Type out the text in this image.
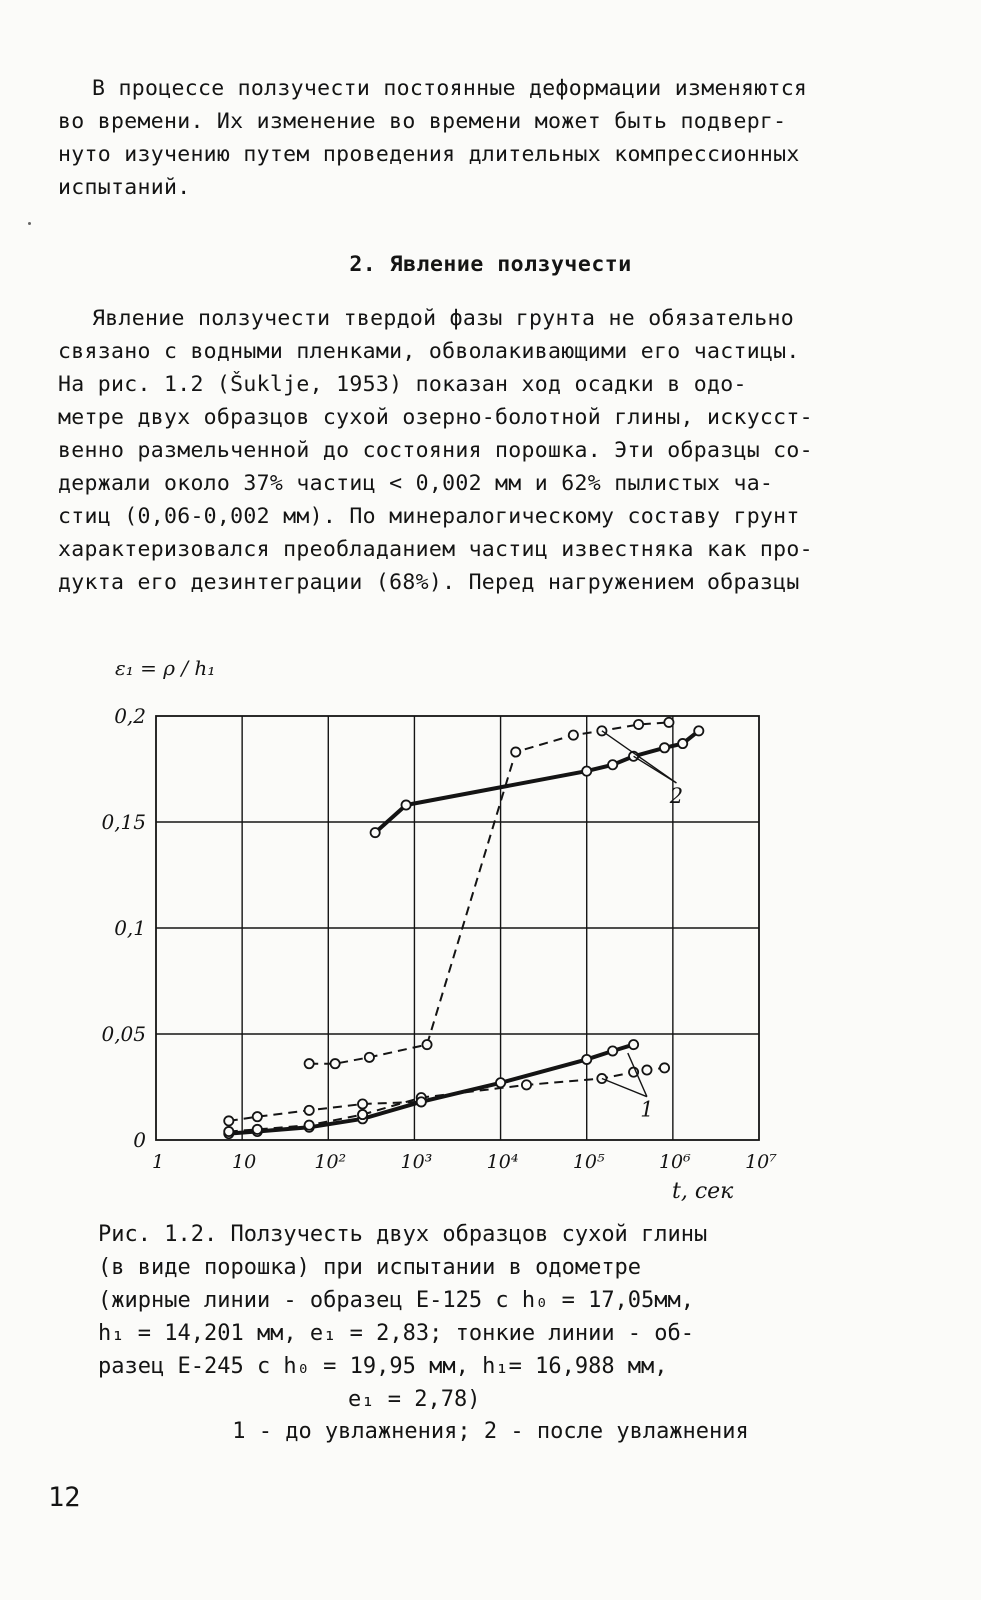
В процессе ползучести постоянные деформации изменяются
во времени. Их изменение во времени может быть подверг-
нуто изучению путем проведения длительных компрессионных
испытаний.
2. Явление ползучести
Явление ползучести твердой фазы грунта не обязательно
связано с водными пленками, обволакивающими его частицы.
На рис. 1.2 (Šuklje, 1953) показан ход осадки в одо-
метре двух образцов сухой озерно-болотной глины, искусст-
венно размельченной до состояния порошка. Эти образцы со-
держали около 37% частиц < 0,002 мм и 62% пылистых ча-
стиц (0,06-0,002 мм). По минералогическому составу грунт
характеризовался преобладанием частиц известняка как про-
дукта его дезинтеграции (68%). Перед нагружением образцы
0
0,05
0,1
0,15
0,2
1	10	10²	10³	10⁴	10⁵	10⁶	10⁷
1
2
ε₁ = ρ / h₁
t, сек
Рис. 1.2. Ползучесть двух образцов сухой глины
(в виде порошка) при испытании в одометре
(жирные линии - образец E-125 с h₀ = 17,05мм,
h₁ = 14,201 мм, e₁ = 2,83; тонкие линии - об-
разец E-245 с h₀ = 19,95 мм, h₁= 16,988 мм,
e₁ = 2,78)
1 - до увлажнения; 2 - после увлажнения
12
